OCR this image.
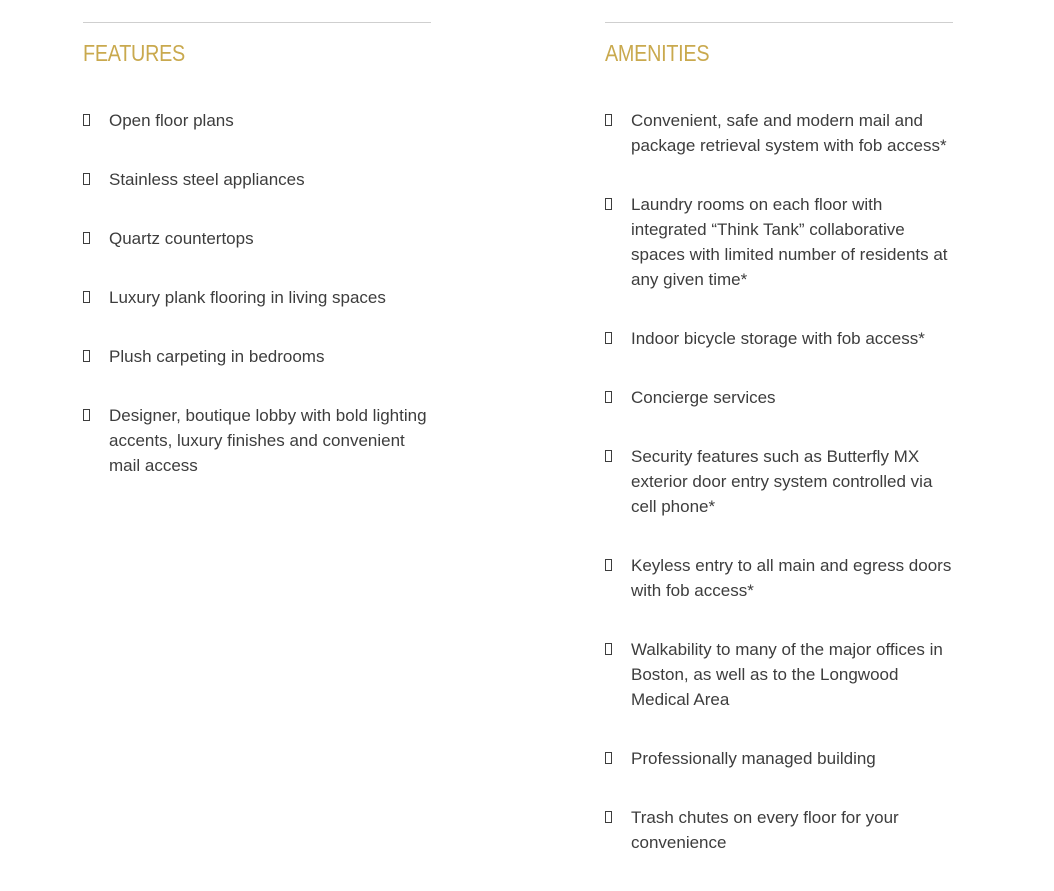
FEATURES
Open floor plans
Stainless steel appliances
Quartz countertops
Luxury plank flooring in living spaces
Plush carpeting in bedrooms
Designer, boutique lobby with bold lighting accents, luxury finishes and convenient mail access
AMENITIES
Convenient, safe and modern mail and package retrieval system with fob access*
Laundry rooms on each floor with integrated “Think Tank” collaborative spaces with limited number of residents at any given time*
Indoor bicycle storage with fob access*
Concierge services
Security features such as Butterfly MX exterior door entry system controlled via cell phone*
Keyless entry to all main and egress doors with fob access*
Walkability to many of the major offices in Boston, as well as to the Longwood Medical Area
Professionally managed building
Trash chutes on every floor for your convenience
